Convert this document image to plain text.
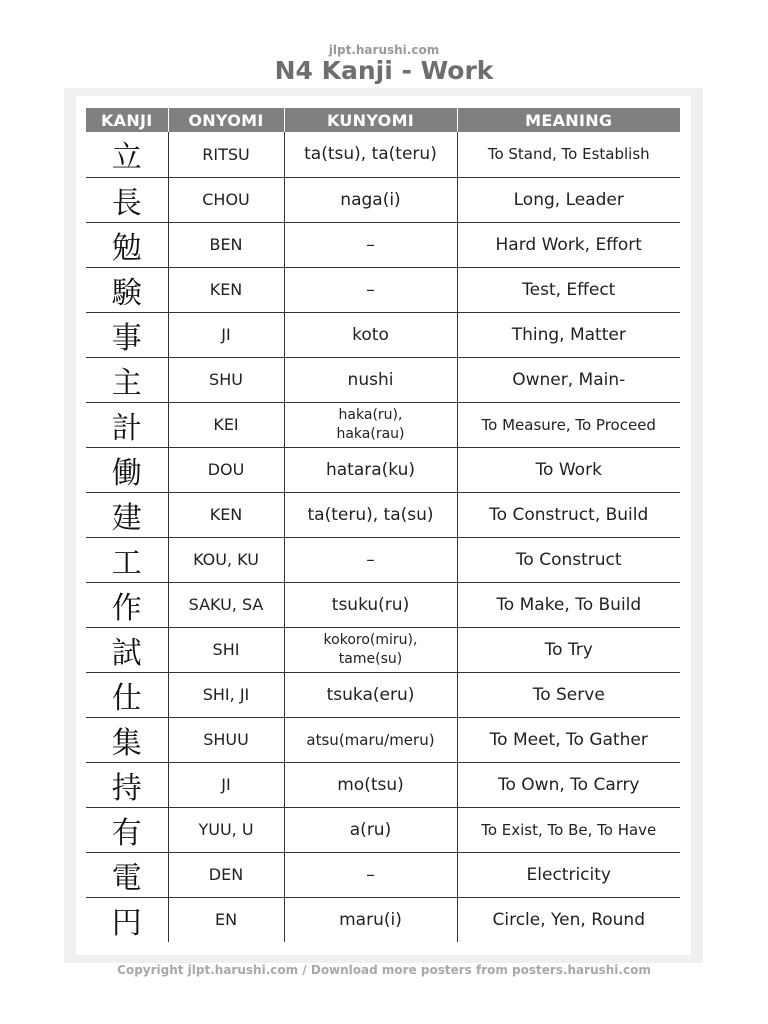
jlpt.harushi.com
N4 Kanji - Work
KANJI	ONYOMI	KUNYOMI	MEANING
立	RITSU	ta(tsu), ta(teru)	To Stand, To Establish
長	CHOU	naga(i)	Long, Leader
勉	BEN	–	Hard Work, Effort
験	KEN	–	Test, Effect
事	JI	koto	Thing, Matter
主	SHU	nushi	Owner, Main-
計	KEI	haka(ru),
haka(rau)	To Measure, To Proceed
働	DOU	hatara(ku)	To Work
建	KEN	ta(teru), ta(su)	To Construct, Build
工	KOU, KU	–	To Construct
作	SAKU, SA	tsuku(ru)	To Make, To Build
試	SHI	kokoro(miru),
tame(su)	To Try
仕	SHI, JI	tsuka(eru)	To Serve
集	SHUU	atsu(maru/meru)	To Meet, To Gather
持	JI	mo(tsu)	To Own, To Carry
有	YUU, U	a(ru)	To Exist, To Be, To Have
電	DEN	–	Electricity
円	EN	maru(i)	Circle, Yen, Round
Copyright jlpt.harushi.com / Download more posters from posters.harushi.com
